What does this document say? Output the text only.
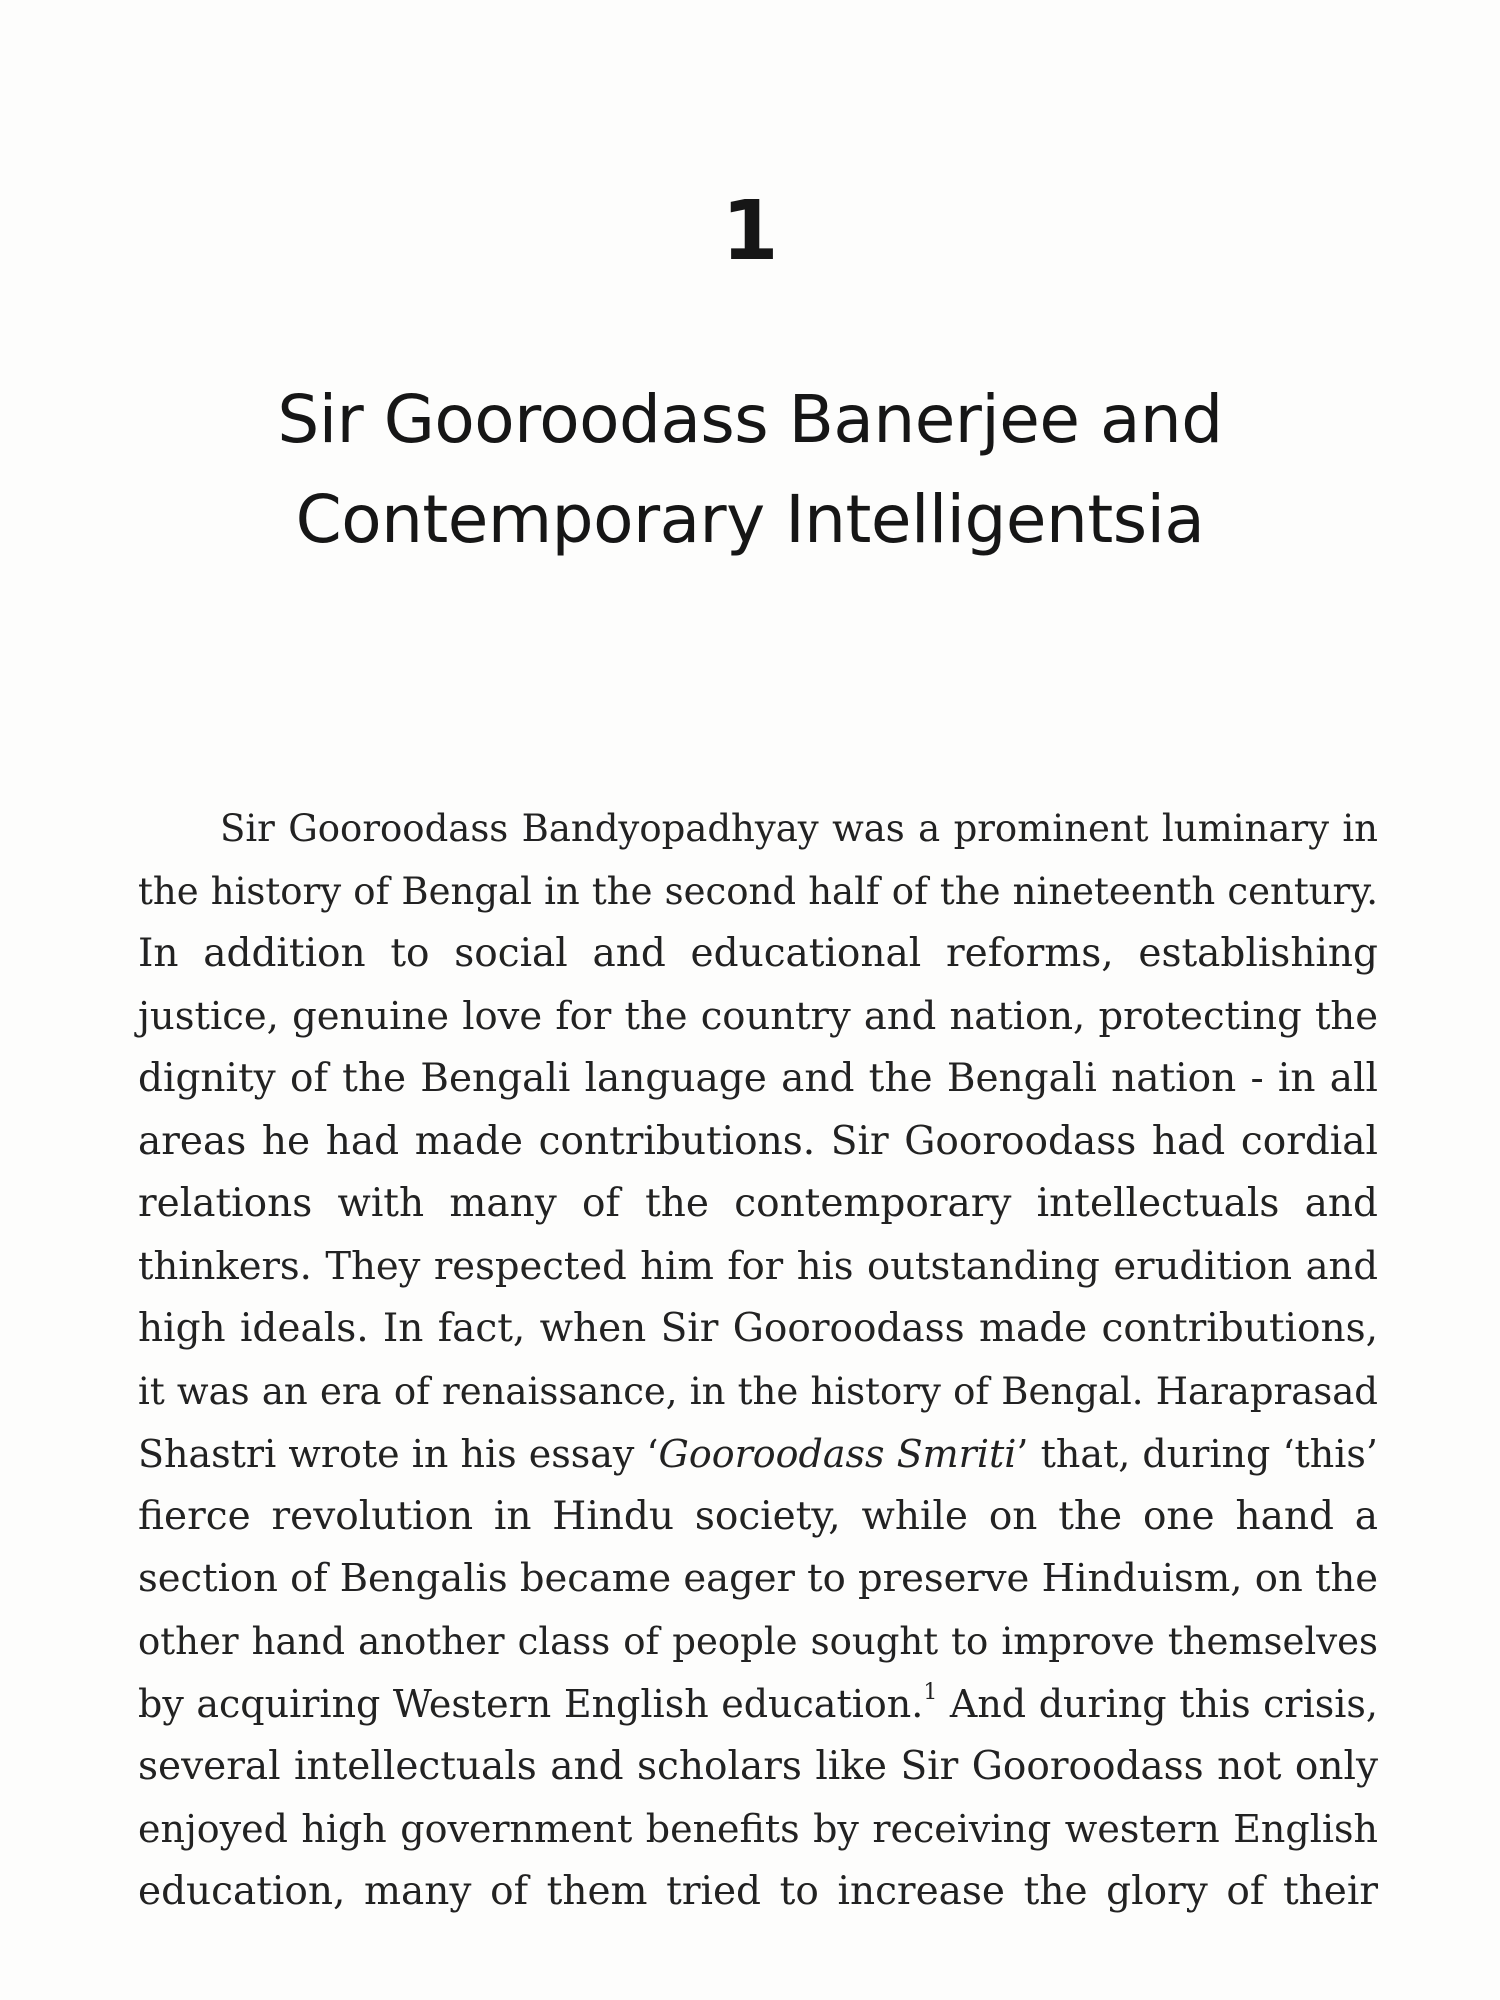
1
Sir Gooroodass Banerjee and
Contemporary Intelligentsia
Sir Gooroodass Bandyopadhyay was a prominent luminary in
the history of Bengal in the second half of the nineteenth century.
In addition to social and educational reforms, establishing
justice, genuine love for the country and nation, protecting the
dignity of the Bengali language and the Bengali nation - in all
areas he had made contributions. Sir Gooroodass had cordial
relations with many of the contemporary intellectuals and
thinkers. They respected him for his outstanding erudition and
high ideals. In fact, when Sir Gooroodass made contributions,
it was an era of renaissance, in the history of Bengal. Haraprasad
Shastri wrote in his essay ‘Gooroodass Smriti’ that, during ‘this’
fierce revolution in Hindu society, while on the one hand a
section of Bengalis became eager to preserve Hinduism, on the
other hand another class of people sought to improve themselves
by acquiring Western English education.$^1$ And during this crisis,
several intellectuals and scholars like Sir Gooroodass not only
enjoyed high government benefits by receiving western English
education, many of them tried to increase the glory of their
